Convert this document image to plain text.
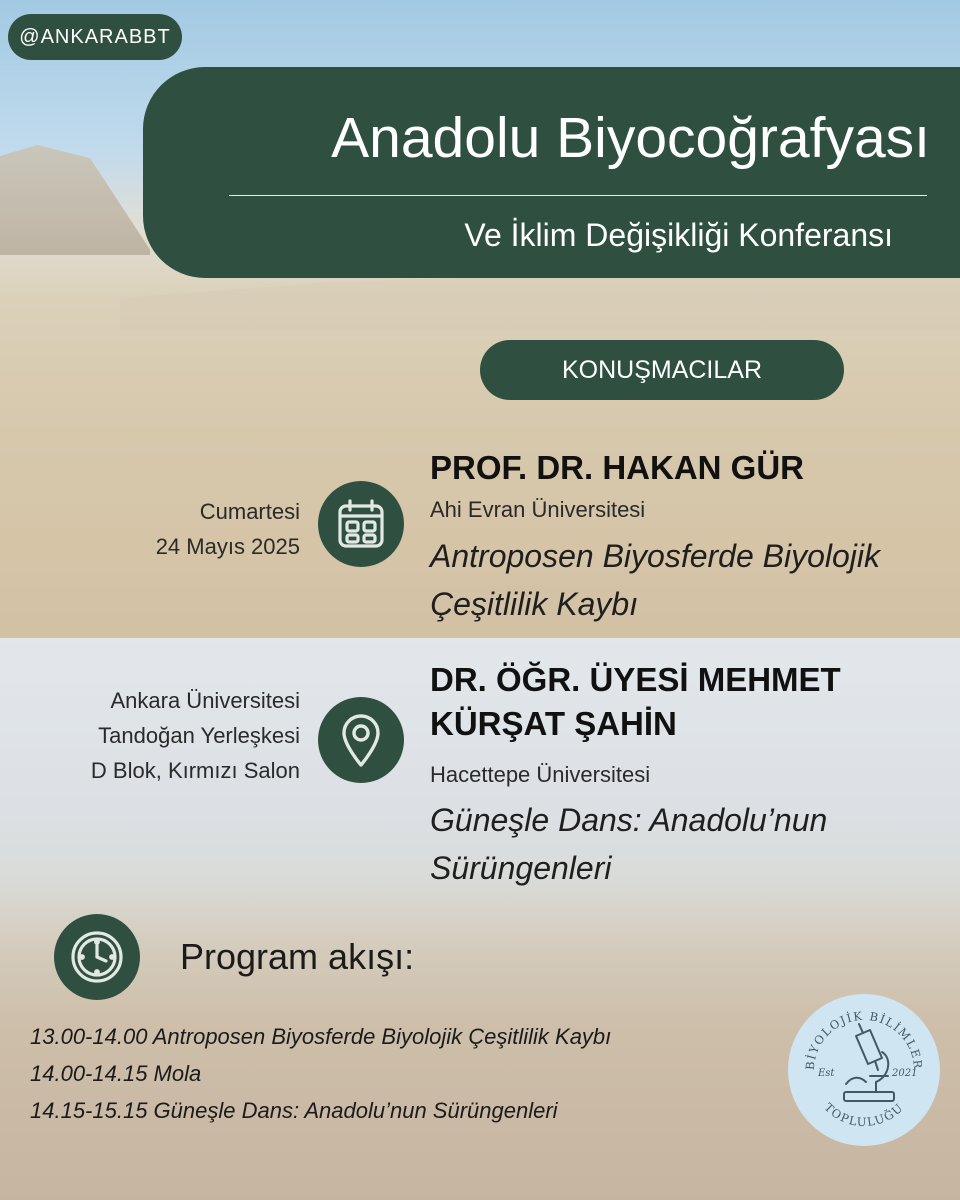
@ANKARABBT
Anadolu Biyocoğrafyası
Ve İklim Değişikliği Konferansı
KONUŞMACILAR
Cumartesi
24 Mayıs 2025
PROF. DR. HAKAN GÜR
Ahi Evran Üniversitesi
Antroposen Biyosferde Biyolojik Çeşitlilik Kaybı
Ankara Üniversitesi
Tandoğan Yerleşkesi
D Blok, Kırmızı Salon
DR. ÖĞR. ÜYESİ MEHMET KÜRŞAT ŞAHİN
Hacettepe Üniversitesi
Güneşle Dans: Anadolu’nun Sürüngenleri
Program akışı:
13.00-14.00 Antroposen Biyosferde Biyolojik Çeşitlilik Kaybı
14.00-14.15 Mola
14.15-15.15 Güneşle Dans: Anadolu’nun Sürüngenleri
BİYOLOJİK BİLİMLER
TOPLULUĞU
Est	2021
